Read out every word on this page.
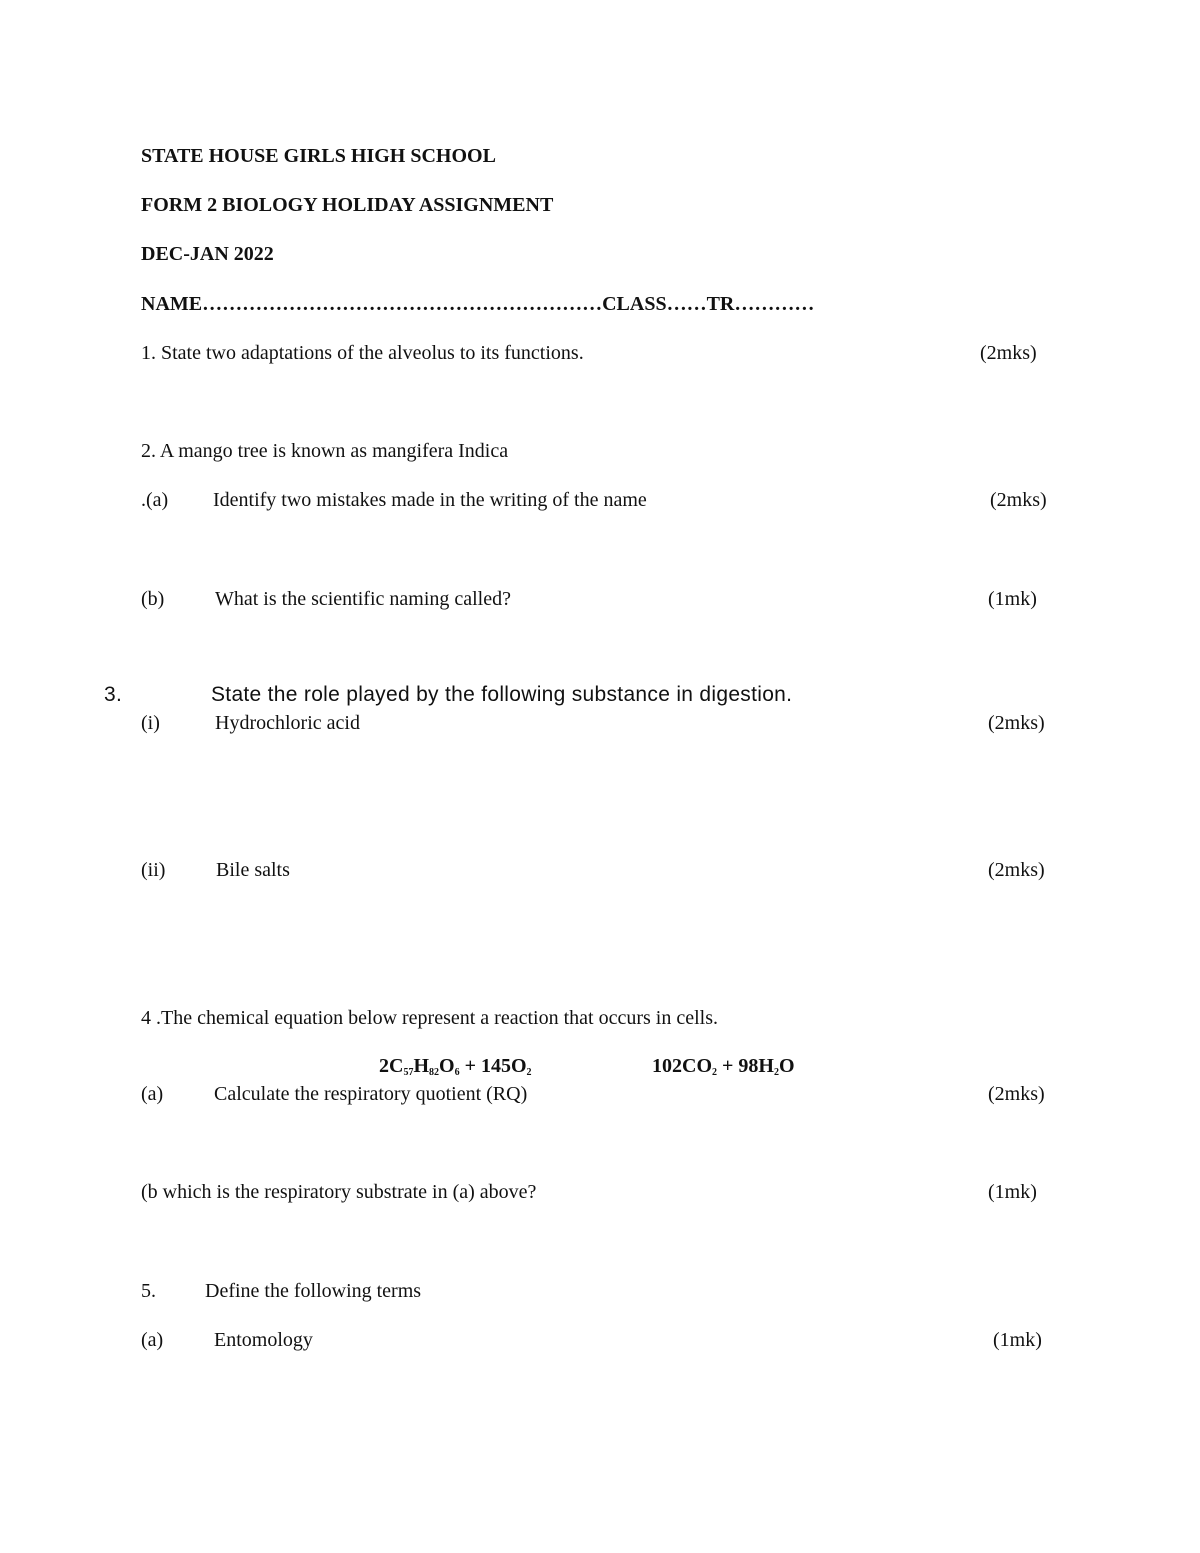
STATE HOUSE GIRLS HIGH SCHOOL
FORM 2 BIOLOGY HOLIDAY ASSIGNMENT
DEC-JAN 2022
NAME……………………………………………………CLASS……TR…………
1. State two adaptations of the alveolus to its functions.	(2mks)
2. A mango tree is known as mangifera Indica
.(a) Identify two mistakes made in the writing of the name	(2mks)
(b)	What is the scientific naming called?	(1mk)
3.	State the role played by the following substance in digestion.
(i)	Hydrochloric acid	(2mks)
(ii)	Bile salts	(2mks)
4 .The chemical equation below represent a reaction that occurs in cells.
$2C_{57}H_{82}O_6 + 145O_2$	$102CO_2 + 98H_2O$
(a)	Calculate the respiratory quotient (RQ)	(2mks)
(b which is the respiratory substrate in (a) above?	(1mk)
5. Define the following terms
(a)	Entomology	(1mk)
